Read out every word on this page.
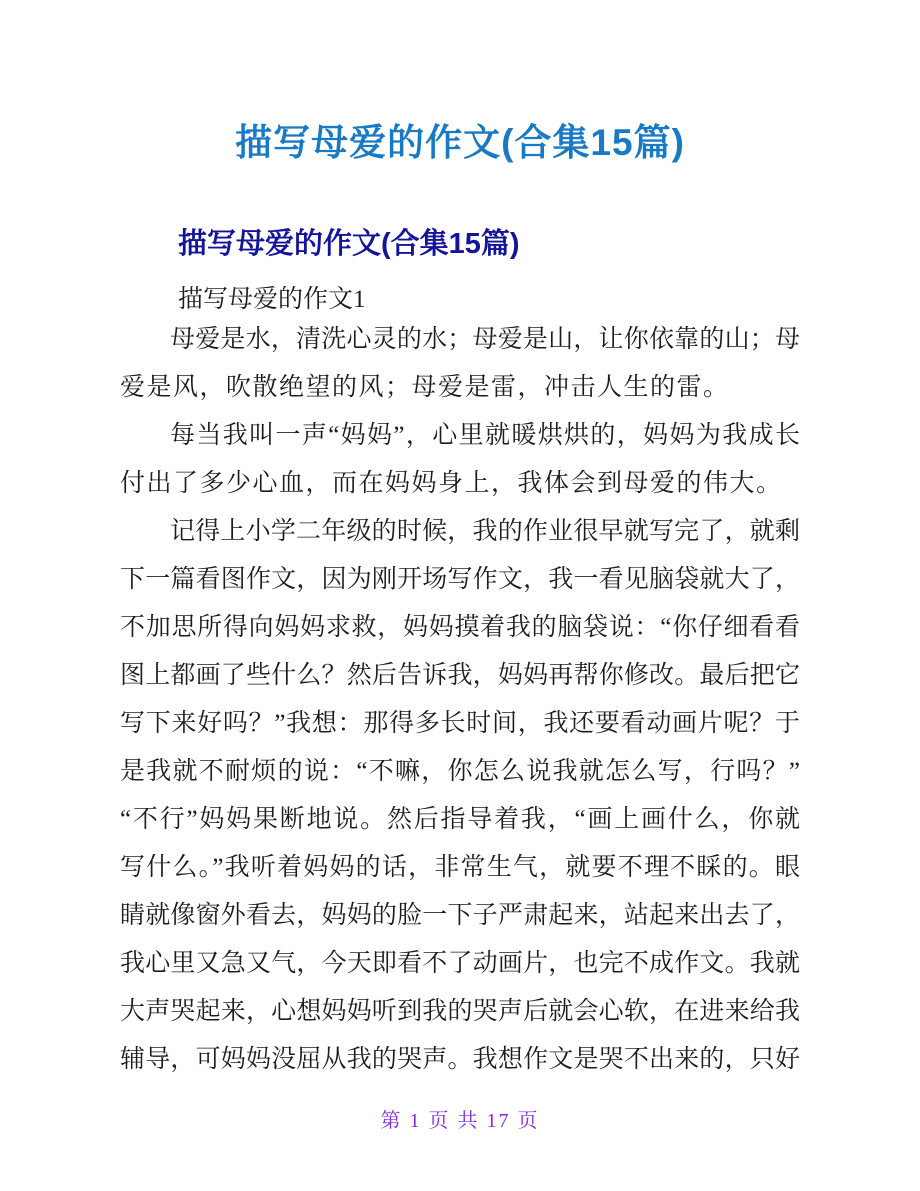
描写母爱的作文(合集15篇)
描写母爱的作文(合集15篇)

描写母爱的作文1

母爱是水，清洗心灵的水；母爱是山，让你依靠的山；母
爱是风，吹散绝望的风；母爱是雷，冲击人生的雷。
每当我叫一声“妈妈”，心里就暖烘烘的，妈妈为我成长
付出了多少心血，而在妈妈身上，我体会到母爱的伟大。
记得上小学二年级的时候，我的作业很早就写完了，就剩
下一篇看图作文，因为刚开场写作文，我一看见脑袋就大了，
不加思所得向妈妈求救，妈妈摸着我的脑袋说：“你仔细看看
图上都画了些什么？然后告诉我，妈妈再帮你修改。最后把它
写下来好吗？”我想：那得多长时间，我还要看动画片呢？于
是我就不耐烦的说：“不嘛，你怎么说我就怎么写，行吗？”
“不行”妈妈果断地说。然后指导着我，“画上画什么，你就
写什么。”我听着妈妈的话，非常生气，就要不理不睬的。眼
睛就像窗外看去，妈妈的脸一下子严肃起来，站起来出去了，
我心里又急又气，今天即看不了动画片，也完不成作文。我就
大声哭起来，心想妈妈听到我的哭声后就会心软，在进来给我
辅导，可妈妈没屈从我的哭声。我想作文是哭不出来的，只好
第 1 页 共 17 页
